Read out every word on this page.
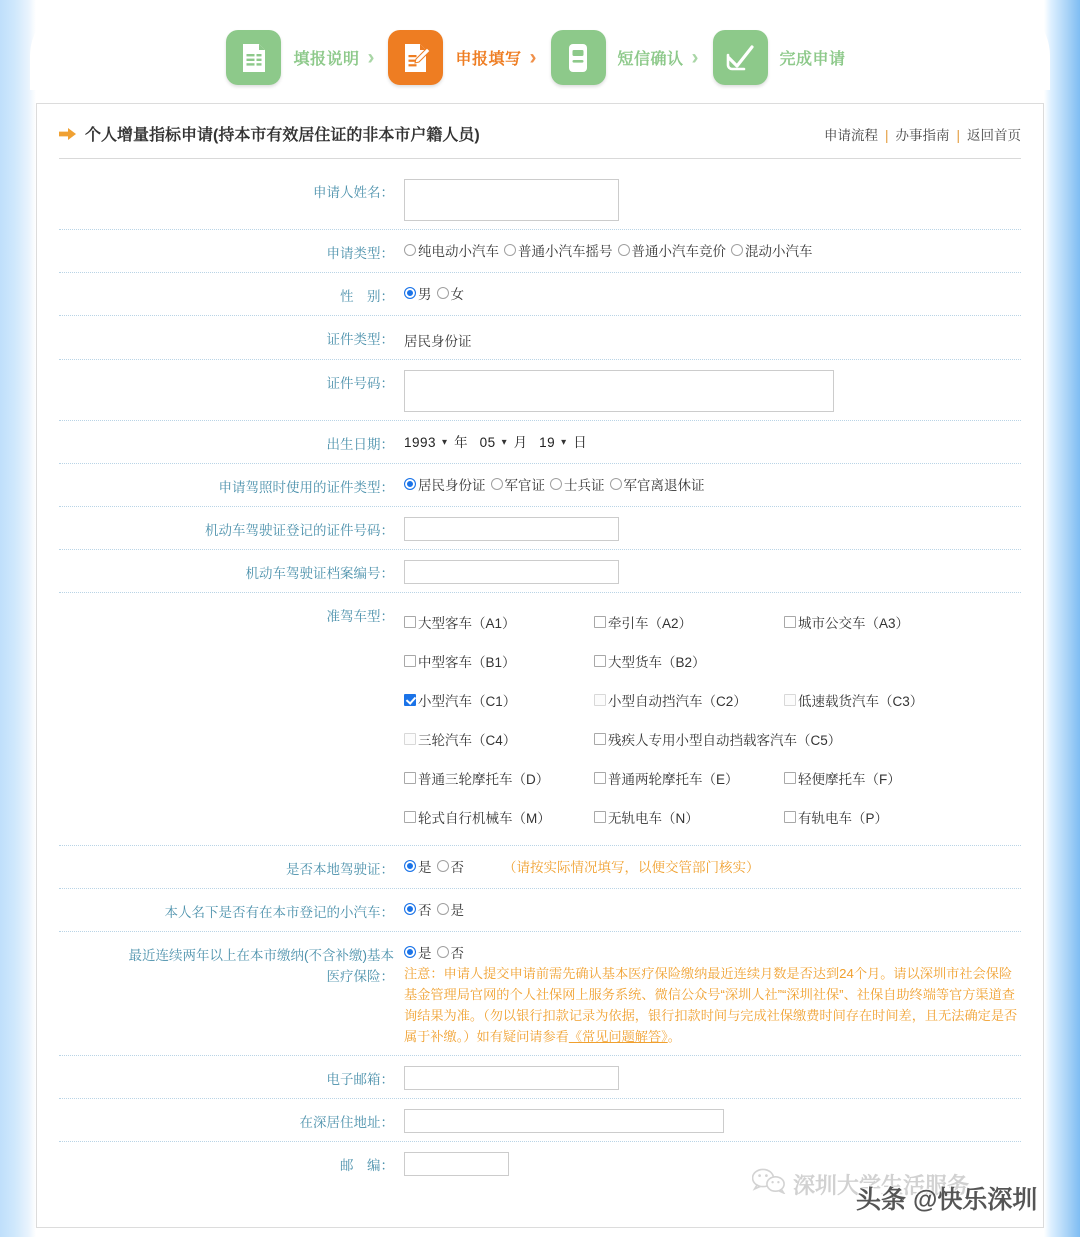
填报说明 ›	申报填写 ›	短信确认 ›	完成申请
个人增量指标申请(持本市有效居住证的非本市户籍人员)	申请流程 | 办事指南 | 返回首页
申请人姓名：
申请类型：	纯电动小汽车 普通小汽车摇号 普通小汽车竞价 混动小汽车
性　别：	男 女
证件类型： 居民身份证
证件号码：
出生日期： 1993 ▾ 年 05 ▾ 月 19 ▾ 日
申请驾照时使用的证件类型：	居民身份证 军官证 士兵证 军官离退休证
机动车驾驶证登记的证件号码：
机动车驾驶证档案编号：
准驾车型：	大型客车（A1）	牵引车（A2）	城市公交车（A3）
中型客车（B1）	大型货车（B2）
小型汽车（C1）	小型自动挡汽车（C2）	低速载货汽车（C3）
三轮汽车（C4）	残疾人专用小型自动挡载客汽车（C5）
普通三轮摩托车（D）	普通两轮摩托车（E）	轻便摩托车（F）
轮式自行机械车（M）	无轨电车（N）	有轨电车（P）
是否本地驾驶证：	是 否	（请按实际情况填写，以便交管部门核实）
本人名下是否有在本市登记的小汽车：	否 是
最近连续两年以上在本市缴纳(不含补缴)基本
医疗保险：
是 否
注意：申请人提交申请前需先确认基本医疗保险缴纳最近连续月数是否达到24个月。请以深圳市社会保险基金管理局官网的个人社保网上服务系统、微信公众号“深圳人社”“深圳社保”、社保自助终端等官方渠道查询结果为准。（勿以银行扣款记录为依据，银行扣款时间与完成社保缴费时间存在时间差，且无法确定是否属于补缴。）如有疑问请参看《常见问题解答》。
电子邮箱：
在深居住地址：
邮　编：
深圳大学生活服务
头条 @快乐深圳
